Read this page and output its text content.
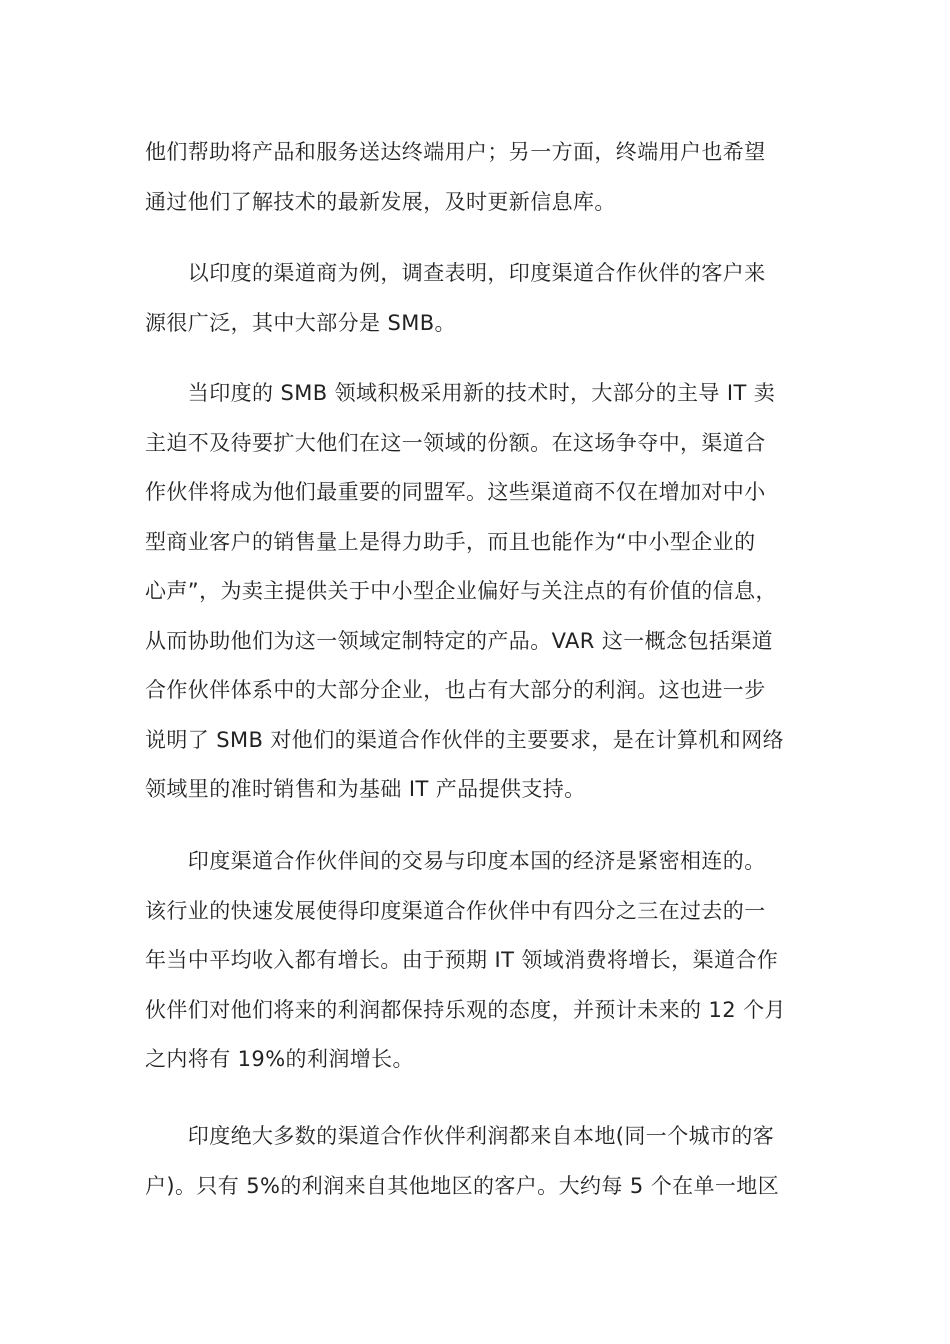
他们帮助将产品和服务送达终端用户；另一方面，终端用户也希望
通过他们了解技术的最新发展，及时更新信息库。
　　以印度的渠道商为例，调查表明，印度渠道合作伙伴的客户来
源很广泛，其中大部分是 SMB。
　　当印度的 SMB 领域积极采用新的技术时，大部分的主导 IT 卖
主迫不及待要扩大他们在这一领域的份额。在这场争夺中，渠道合
作伙伴将成为他们最重要的同盟军。这些渠道商不仅在增加对中小
型商业客户的销售量上是得力助手，而且也能作为“中小型企业的
心声”，为卖主提供关于中小型企业偏好与关注点的有价值的信息，
从而协助他们为这一领域定制特定的产品。VAR 这一概念包括渠道
合作伙伴体系中的大部分企业，也占有大部分的利润。这也进一步
说明了 SMB 对他们的渠道合作伙伴的主要要求，是在计算机和网络
领域里的准时销售和为基础 IT 产品提供支持。
　　印度渠道合作伙伴间的交易与印度本国的经济是紧密相连的。
该行业的快速发展使得印度渠道合作伙伴中有四分之三在过去的一
年当中平均收入都有增长。由于预期 IT 领域消费将增长，渠道合作
伙伴们对他们将来的利润都保持乐观的态度，并预计未来的 12 个月
之内将有 19%的利润增长。
　　印度绝大多数的渠道合作伙伴利润都来自本地(同一个城市的客
户)。只有 5%的利润来自其他地区的客户。大约每 5 个在单一地区
